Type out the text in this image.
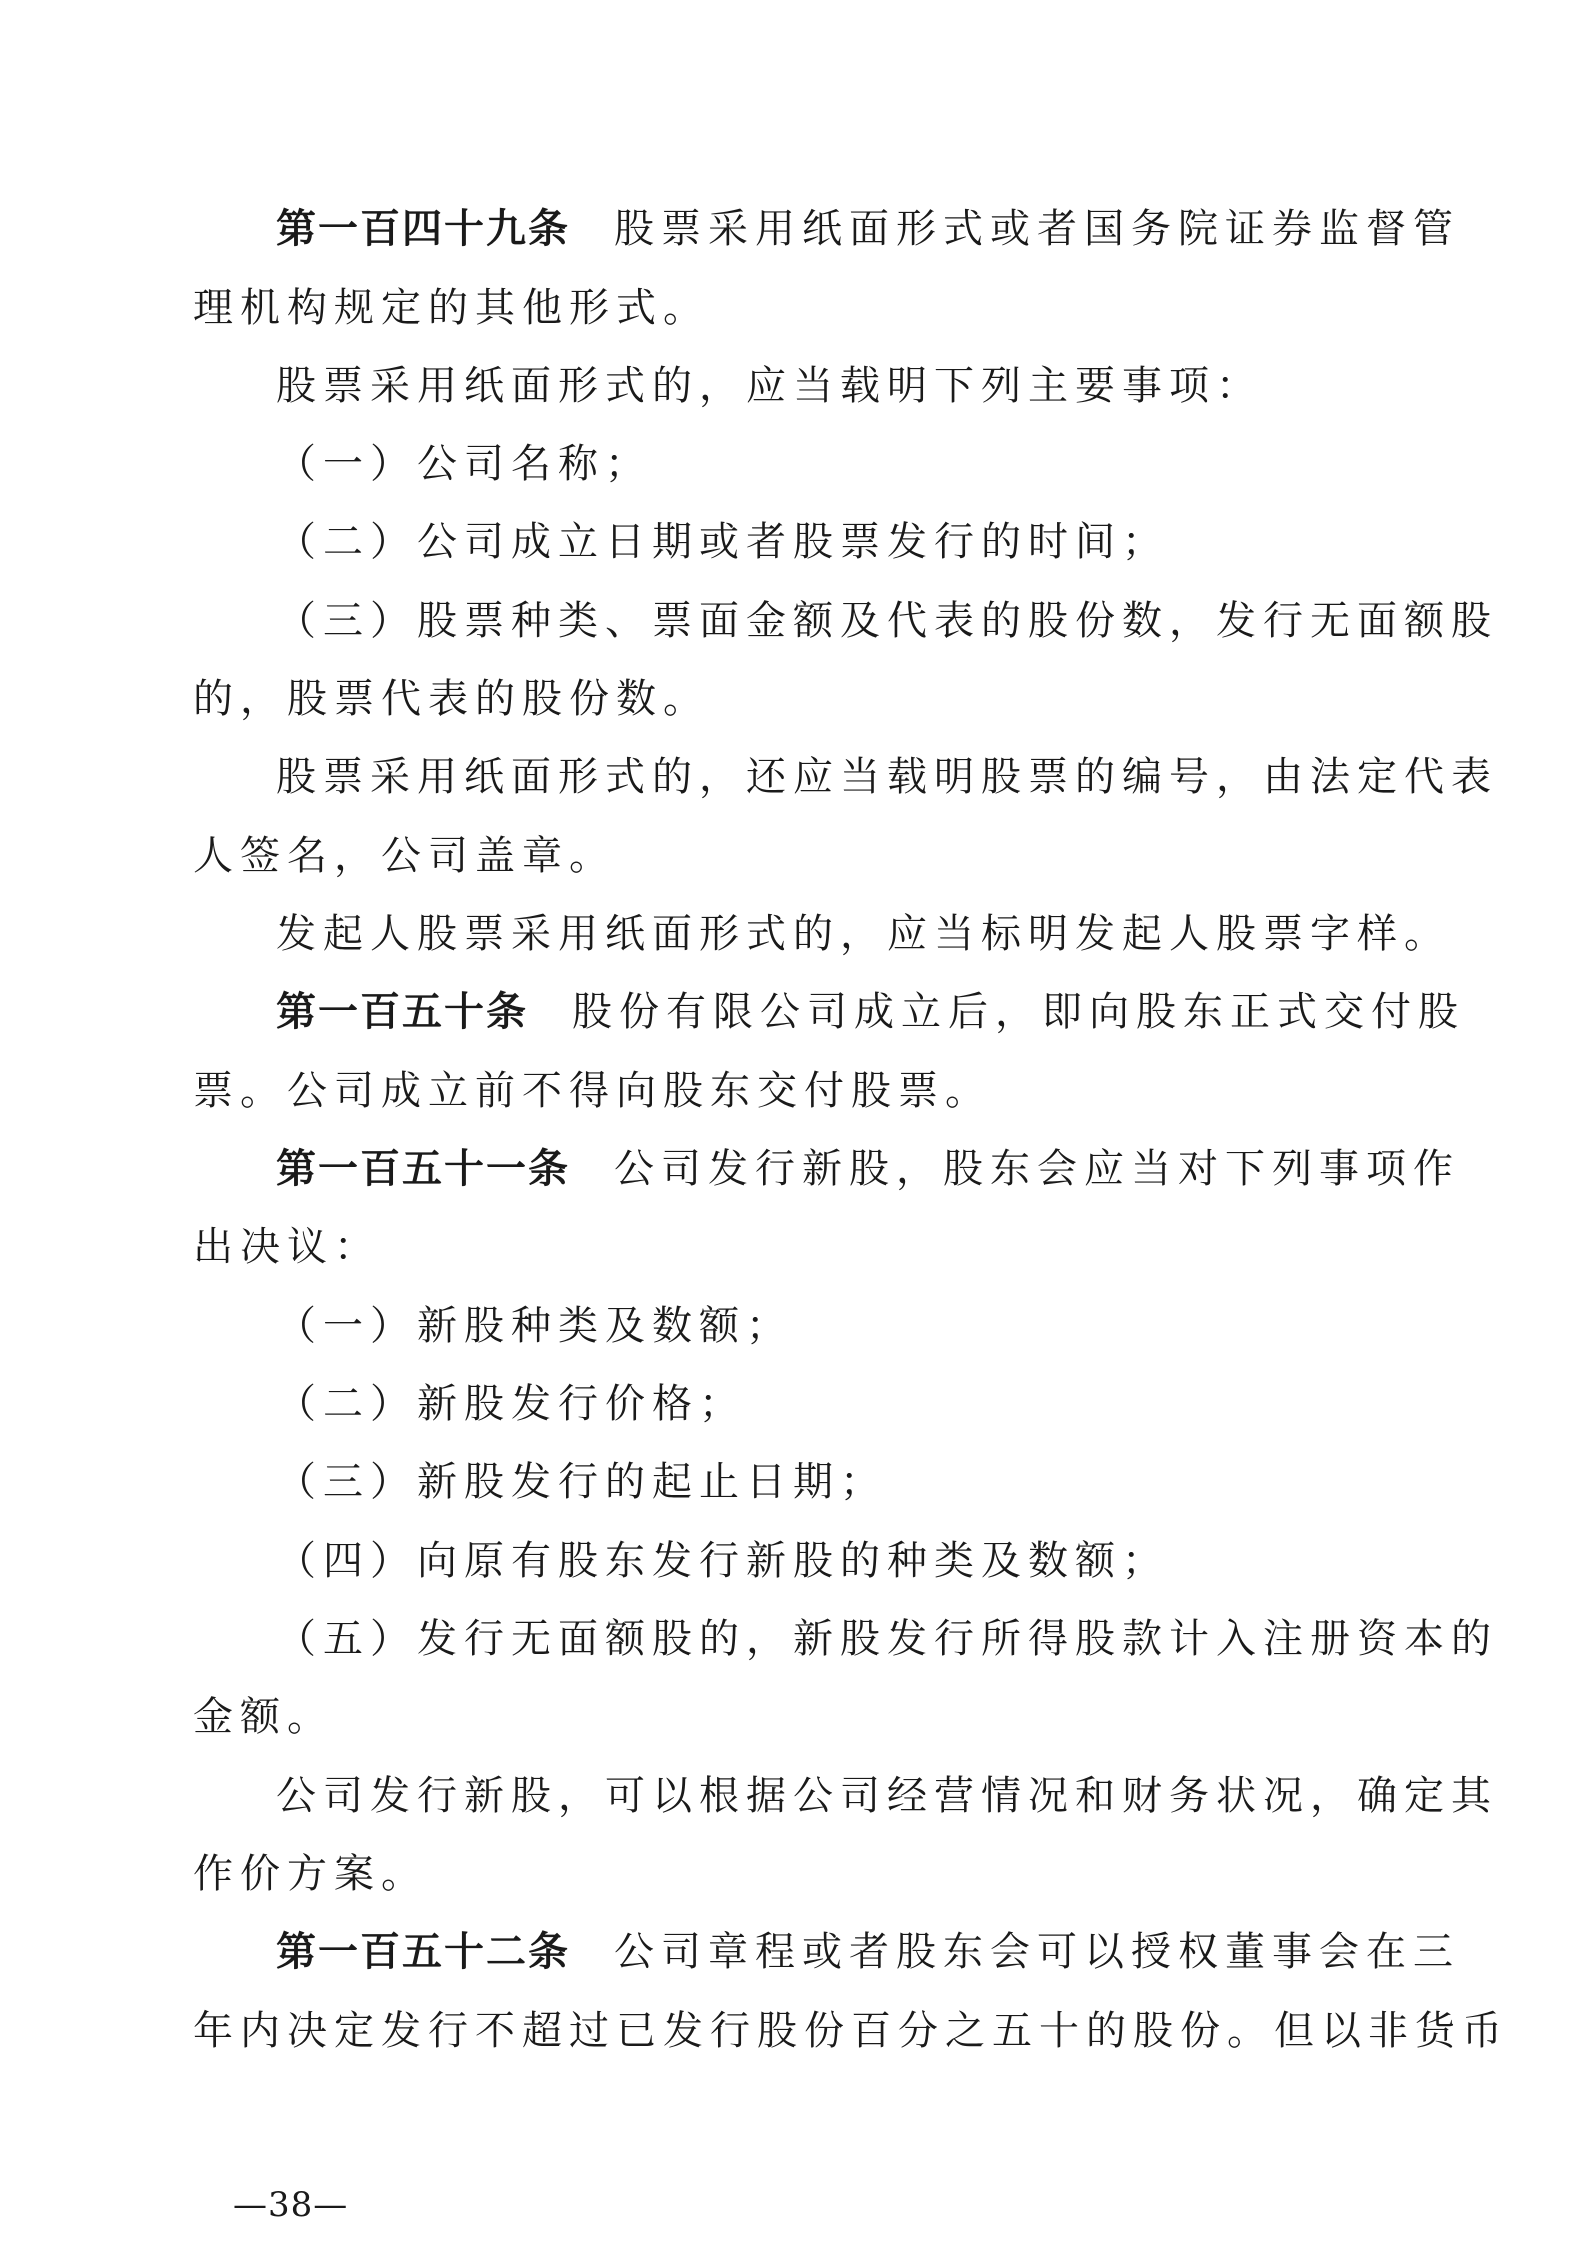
第一百四十九条 股票采用纸面形式或者国务院证券监督管
理机构规定的其他形式。
股票采用纸面形式的，应当载明下列主要事项：
（一）公司名称；
（二）公司成立日期或者股票发行的时间；
（三）股票种类、票面金额及代表的股份数，发行无面额股
的，股票代表的股份数。
股票采用纸面形式的，还应当载明股票的编号，由法定代表
人签名，公司盖章。
发起人股票采用纸面形式的，应当标明发起人股票字样。
第一百五十条 股份有限公司成立后，即向股东正式交付股
票。公司成立前不得向股东交付股票。
第一百五十一条 公司发行新股，股东会应当对下列事项作
出决议：
（一）新股种类及数额；
（二）新股发行价格；
（三）新股发行的起止日期；
（四）向原有股东发行新股的种类及数额；
（五）发行无面额股的，新股发行所得股款计入注册资本的
金额。
公司发行新股，可以根据公司经营情况和财务状况，确定其
作价方案。
第一百五十二条 公司章程或者股东会可以授权董事会在三
年内决定发行不超过已发行股份百分之五十的股份。但以非货币
—38—
